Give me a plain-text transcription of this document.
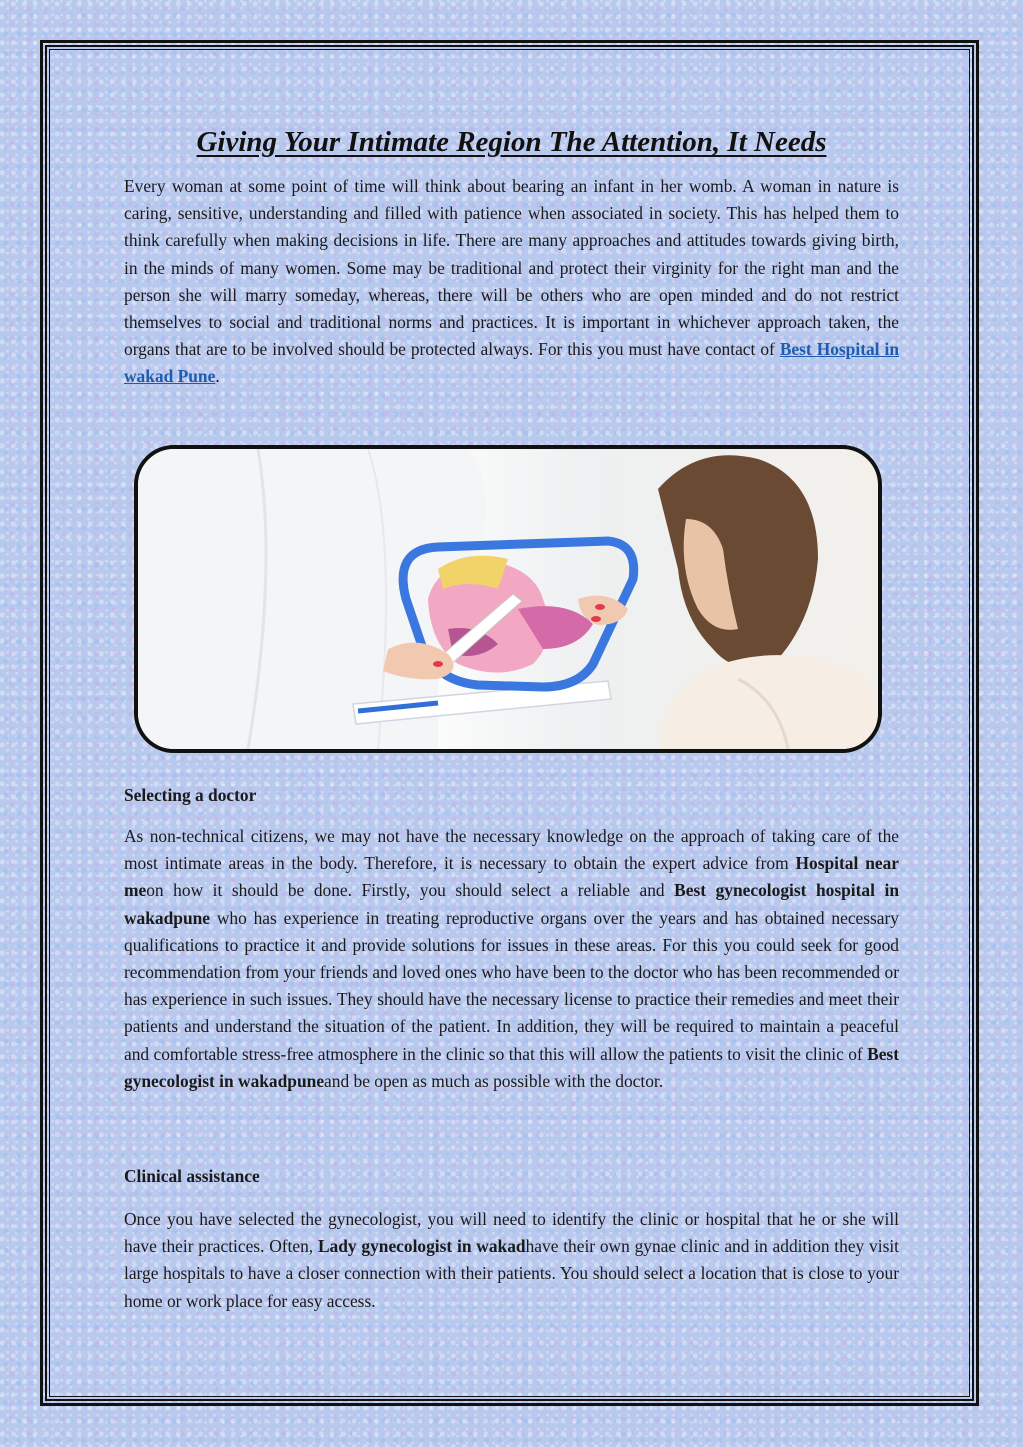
Giving Your Intimate Region The Attention, It Needs

Every woman at some point of time will think about bearing an infant in her womb. A woman in nature is caring, sensitive, understanding and filled with patience when associated in society. This has helped them to think carefully when making decisions in life. There are many approaches and attitudes towards giving birth, in the minds of many women. Some may be traditional and protect their virginity for the right man and the person she will marry someday, whereas, there will be others who are open minded and do not restrict themselves to social and traditional norms and practices. It is important in whichever approach taken, the organs that are to be involved should be protected always. For this you must have contact of Best Hospital in wakad Pune.

Selecting a doctor

As non-technical citizens, we may not have the necessary knowledge on the approach of taking care of the most intimate areas in the body. Therefore, it is necessary to obtain the expert advice from Hospital near meon how it should be done. Firstly, you should select a reliable and Best gynecologist hospital in wakadpune who has experience in treating reproductive organs over the years and has obtained necessary qualifications to practice it and provide solutions for issues in these areas. For this you could seek for good recommendation from your friends and loved ones who have been to the doctor who has been recommended or has experience in such issues. They should have the necessary license to practice their remedies and meet their patients and understand the situation of the patient. In addition, they will be required to maintain a peaceful and comfortable stress-free atmosphere in the clinic so that this will allow the patients to visit the clinic of Best gynecologist in wakadpuneand be open as much as possible with the doctor.

Clinical assistance

Once you have selected the gynecologist, you will need to identify the clinic or hospital that he or she will have their practices. Often, Lady gynecologist in wakadhave their own gynae clinic and in addition they visit large hospitals to have a closer connection with their patients. You should select a location that is close to your home or work place for easy access.
